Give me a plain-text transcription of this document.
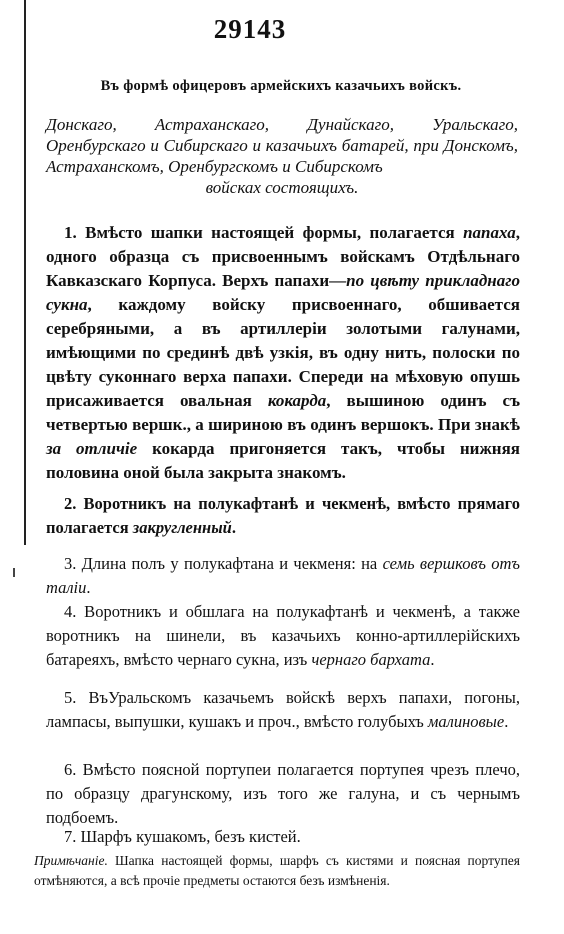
29143
Въ формѣ офицеровъ армейскихъ казачьихъ войскъ.
Донскаго, Астраханскаго, Дунайскаго, Уральскаго, Оренбурскаго и Сибирскаго и казачьихъ батарей, при Донскомъ, Астраханскомъ, Оренбургскомъ и Сибирскомъ
войсках состоящихъ.
1. Вмѣсто шапки настоящей формы, полагается папаха, одного образца съ присвоеннымъ войскамъ Отдѣльнаго Кавказскаго Корпуса. Верхъ папахи—по цвѣту прикладнаго сукна, каждому войску присвоеннаго, обшивается серебряными, а въ артиллеріи золотыми галунами, имѣющими по срединѣ двѣ узкія, въ одну нить, полоски по цвѣту суконнаго верха папахи. Спереди на мѣховую опушь присаживается овальная кокарда, вышиною одинъ съ четвертью вершк., а шириною въ одинъ вершокъ. При знакѣ за отличіе кокарда пригоняется такъ, чтобы нижняя половина оной была закрыта знакомъ.
2. Воротникъ на полукафтанѣ и чекменѣ, вмѣсто прямаго полагается закругленный.
3. Длина полъ у полукафтана и чекменя: на семь вершковъ отъ таліи.
4. Воротникъ и обшлага на полукафтанѣ и чекменѣ, а также воротникъ на шинели, въ казачьихъ конно-артиллерійскихъ батареяхъ, вмѣсто чернаго сукна, изъ чернаго бархата.
5. ВъУральскомъ казачьемъ войскѣ верхъ папахи, погоны, лампасы, выпушки, кушакъ и проч., вмѣсто голубыхъ малиновые.
6. Вмѣсто поясной портупеи полагается портупея чрезъ плечо, по образцу драгунскому, изъ того же галуна, и съ чернымъ подбоемъ.
7. Шарфъ кушакомъ, безъ кистей.
Примѣчаніе. Шапка настоящей формы, шарфъ съ кистями и поясная портупея отмѣняются, а всѣ прочіе предметы остаются безъ измѣненія.
